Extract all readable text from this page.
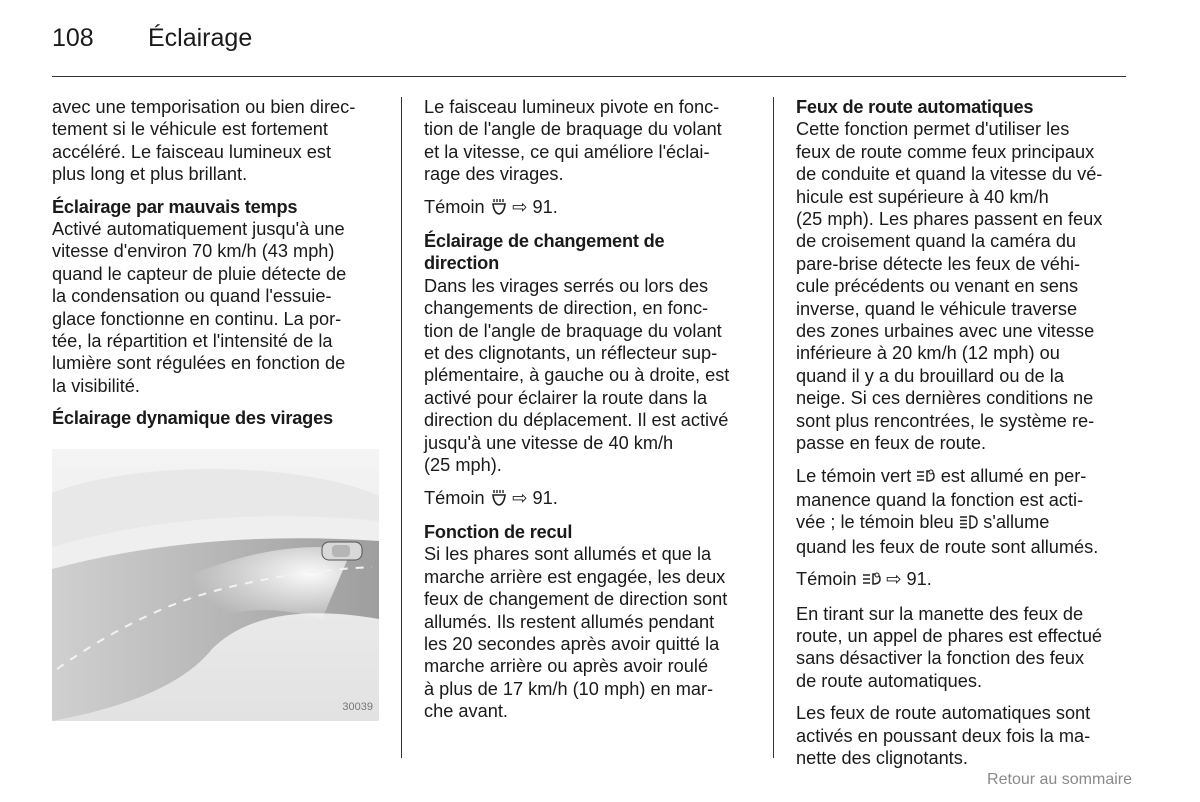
108 Éclairage

avec une temporisation ou bien direc-
tement si le véhicule est fortement
accéléré. Le faisceau lumineux est
plus long et plus brillant.

Éclairage par mauvais temps

Activé automatiquement jusqu'à une
vitesse d'environ 70 km/h (43 mph)
quand le capteur de pluie détecte de
la condensation ou quand l'essuie-
glace fonctionne en continu. La por-
tée, la répartition et l'intensité de la
lumière sont régulées en fonction de
la visibilité.

Éclairage dynamique des virages
30039

Le faisceau lumineux pivote en fonc-
tion de l'angle de braquage du volant
et la vitesse, ce qui améliore l'éclai-
rage des virages.

Témoin ⇨ 91.

Éclairage de changement de
direction

Dans les virages serrés ou lors des
changements de direction, en fonc-
tion de l'angle de braquage du volant
et des clignotants, un réflecteur sup-
plémentaire, à gauche ou à droite, est
activé pour éclairer la route dans la
direction du déplacement. Il est activé
jusqu'à une vitesse de 40 km/h
(25 mph).

Témoin ⇨ 91.

Fonction de recul

Si les phares sont allumés et que la
marche arrière est engagée, les deux
feux de changement de direction sont
allumés. Ils restent allumés pendant
les 20 secondes après avoir quitté la
marche arrière ou après avoir roulé
à plus de 17 km/h (10 mph) en mar-
che avant.

Feux de route automatiques

Cette fonction permet d'utiliser les
feux de route comme feux principaux
de conduite et quand la vitesse du vé-
hicule est supérieure à 40 km/h
(25 mph). Les phares passent en feux
de croisement quand la caméra du
pare-brise détecte les feux de véhi-
cule précédents ou venant en sens
inverse, quand le véhicule traverse
des zones urbaines avec une vitesse
inférieure à 20 km/h (12 mph) ou
quand il y a du brouillard ou de la
neige. Si ces dernières conditions ne
sont plus rencontrées, le système re-
passe en feux de route.

Le témoin vert est allumé en per-
manence quand la fonction est acti-
vée ; le témoin bleu s'allume
quand les feux de route sont allumés.

Témoin ⇨ 91.

En tirant sur la manette des feux de
route, un appel de phares est effectué
sans désactiver la fonction des feux
de route automatiques.

Les feux de route automatiques sont
activés en poussant deux fois la ma-
nette des clignotants.

Retour au sommaire
